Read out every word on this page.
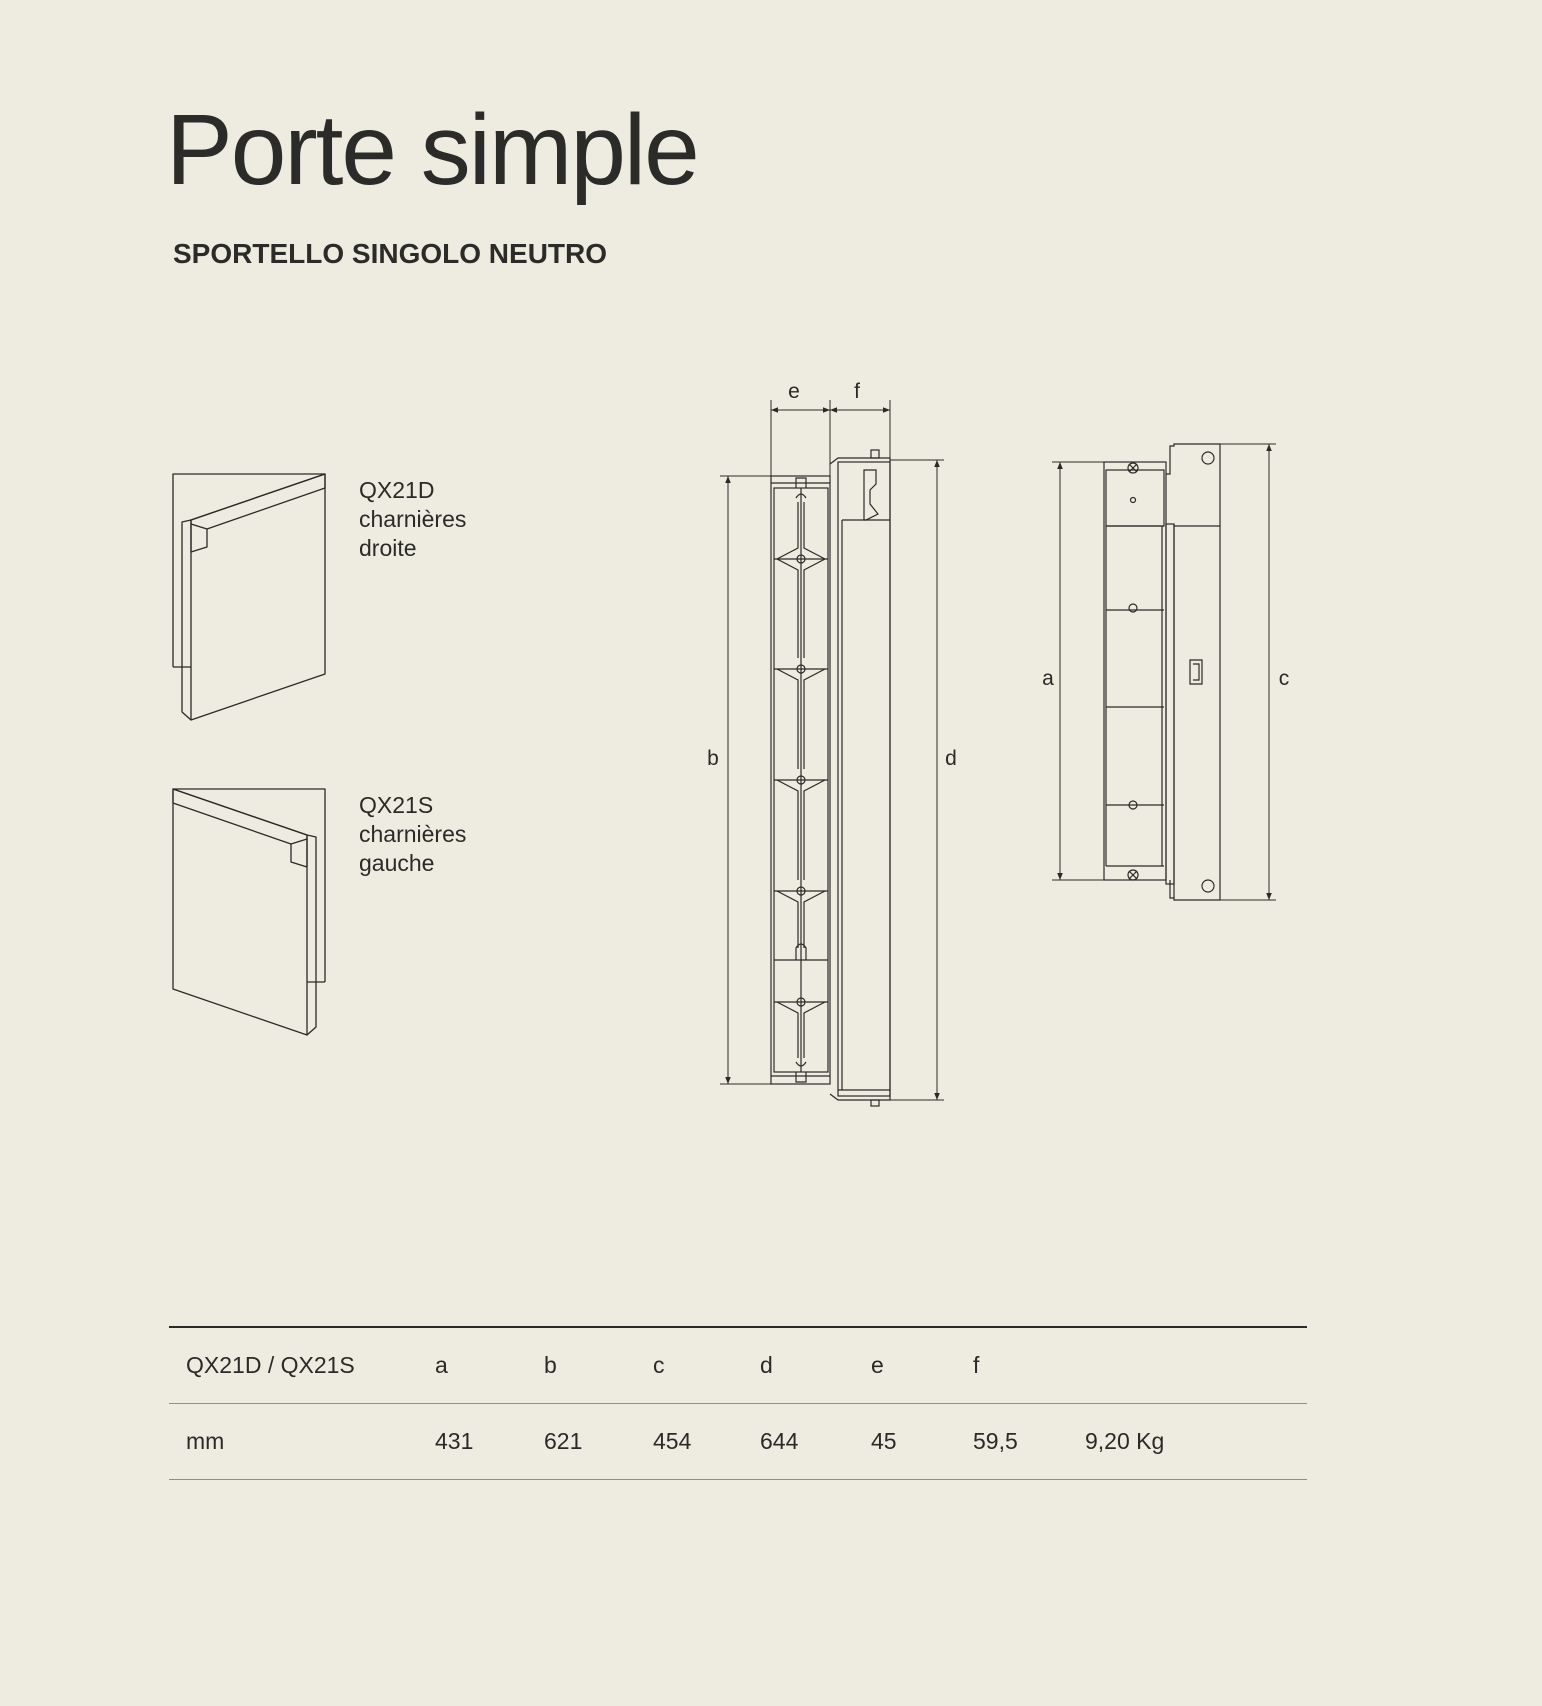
Porte simple
SPORTELLO SINGOLO NEUTRO
QX21D
charnières
droite
QX21S
charnières
gauche
e	f
b	d
a	c
QX21D / QX21S	a	b	c	d	e	f	
mm	431	621	454	644	45	59,5	9,20 Kg
